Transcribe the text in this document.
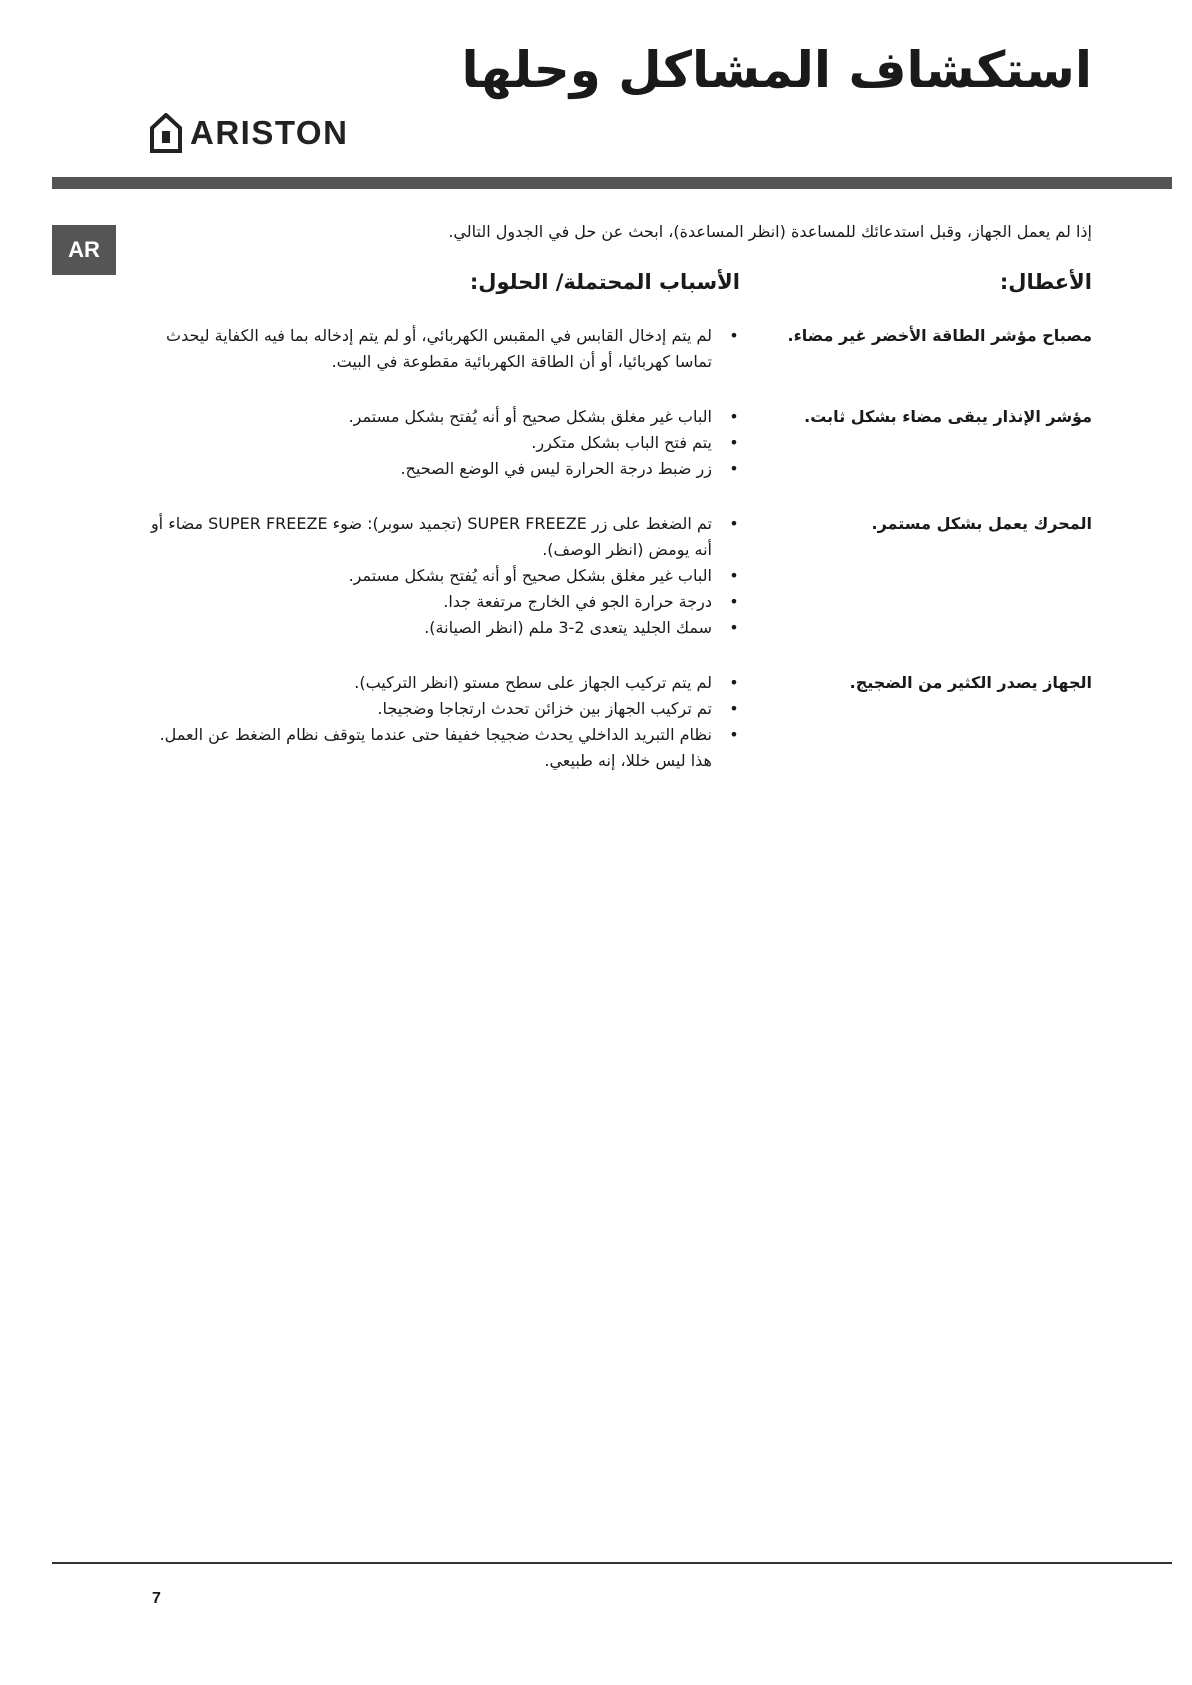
استكشاف المشاكل وحلها
ARISTON
AR
إذا لم يعمل الجهاز، وقبل استدعائك للمساعدة (انظر المساعدة)، ابحث عن حل في الجدول التالي.
الأعطال:
الأسباب المحتملة/ الحلول:
مصباح مؤشر الطاقة الأخضر غير مضاء.
• لم يتم إدخال القابس في المقبس الكهربائي، أو لم يتم إدخاله بما فيه الكفاية ليحدث تماسا كهربائيا، أو أن الطاقة الكهربائية مقطوعة في البيت.
مؤشر الإنذار يبقى مضاء بشكل ثابت.
• الباب غير مغلق بشكل صحيح أو أنه يُفتح بشكل مستمر.
• يتم فتح الباب بشكل متكرر.
• زر ضبط درجة الحرارة ليس في الوضع الصحيح.
المحرك يعمل بشكل مستمر.
• تم الضغط على زر SUPER FREEZE (تجميد سوبر): ضوء SUPER FREEZE مضاء أو أنه يومض (انظر الوصف).
• الباب غير مغلق بشكل صحيح أو أنه يُفتح بشكل مستمر.
• درجة حرارة الجو في الخارج مرتفعة جدا.
• سمك الجليد يتعدى 2-3 ملم (انظر الصيانة).
الجهاز يصدر الكثير من الضجيج.
• لم يتم تركيب الجهاز على سطح مستو (انظر التركيب).
• تم تركيب الجهاز بين خزائن تحدث ارتجاجا وضجيجا.
• نظام التبريد الداخلي يحدث ضجيجا خفيفا حتى عندما يتوقف نظام الضغط عن العمل. هذا ليس خللا، إنه طبيعي.
7
